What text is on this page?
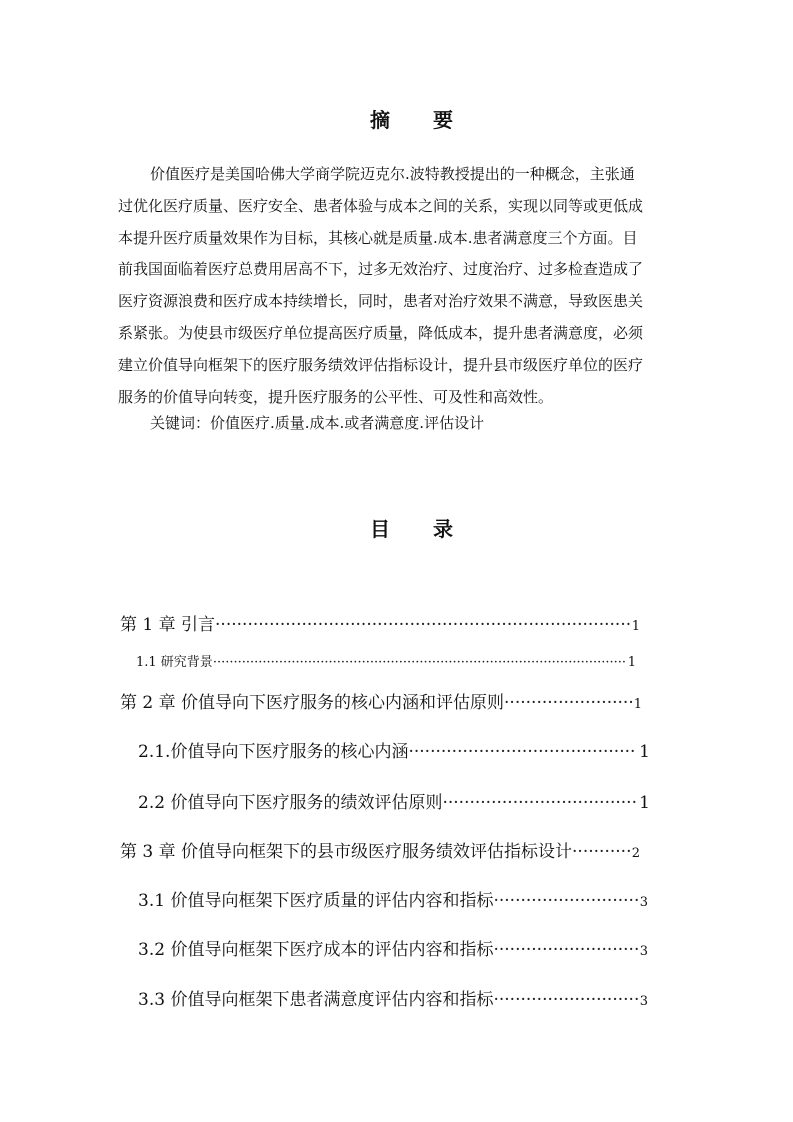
摘 要
价值医疗是美国哈佛大学商学院迈克尔.波特教授提出的一种概念，主张通
过优化医疗质量、医疗安全、患者体验与成本之间的关系，实现以同等或更低成
本提升医疗质量效果作为目标，其核心就是质量.成本.患者满意度三个方面。目
前我国面临着医疗总费用居高不下，过多无效治疗、过度治疗、过多检查造成了
医疗资源浪费和医疗成本持续增长，同时，患者对治疗效果不满意，导致医患关
系紧张。为使县市级医疗单位提高医疗质量，降低成本，提升患者满意度，必须
建立价值导向框架下的医疗服务绩效评估指标设计，提升县市级医疗单位的医疗
服务的价值导向转变，提升医疗服务的公平性、可及性和高效性。
关键词：价值医疗.质量.成本.或者满意度.评估设计
目 录
第 1 章 引言 ·····	1
1.1 研究背景 ·····	1
第 2 章 价值导向下医疗服务的核心内涵和评估原则 ·····	1
2.1.价值导向下医疗服务的核心内涵 ·····	1
2.2 价值导向下医疗服务的绩效评估原则 ·····	1
第 3 章 价值导向框架下的县市级医疗服务绩效评估指标设计 ·····	2
3.1 价值导向框架下医疗质量的评估内容和指标 ·····	3
3.2 价值导向框架下医疗成本的评估内容和指标 ·····	3
3.3 价值导向框架下患者满意度评估内容和指标 ·····	3
